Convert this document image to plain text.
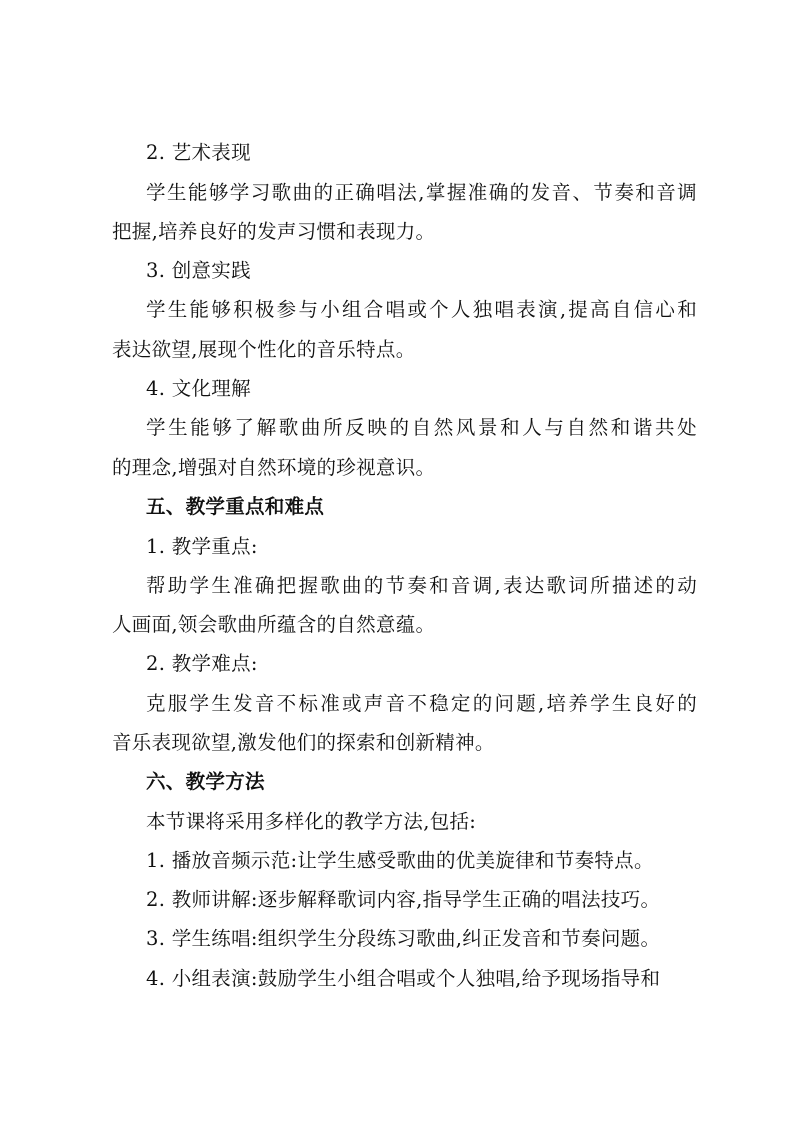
2. 艺术表现
学生能够学习歌曲的正确唱法,掌握准确的发音、节奏和音调
把握,培养良好的发声习惯和表现力。
3. 创意实践
学生能够积极参与小组合唱或个人独唱表演,提高自信心和
表达欲望,展现个性化的音乐特点。
4. 文化理解
学生能够了解歌曲所反映的自然风景和人与自然和谐共处
的理念,增强对自然环境的珍视意识。
五、教学重点和难点
1. 教学重点:
帮助学生准确把握歌曲的节奏和音调,表达歌词所描述的动
人画面,领会歌曲所蕴含的自然意蕴。
2. 教学难点:
克服学生发音不标准或声音不稳定的问题,培养学生良好的
音乐表现欲望,激发他们的探索和创新精神。
六、教学方法
本节课将采用多样化的教学方法,包括:
1. 播放音频示范:让学生感受歌曲的优美旋律和节奏特点。
2. 教师讲解:逐步解释歌词内容,指导学生正确的唱法技巧。
3. 学生练唱:组织学生分段练习歌曲,纠正发音和节奏问题。
4. 小组表演:鼓励学生小组合唱或个人独唱,给予现场指导和
